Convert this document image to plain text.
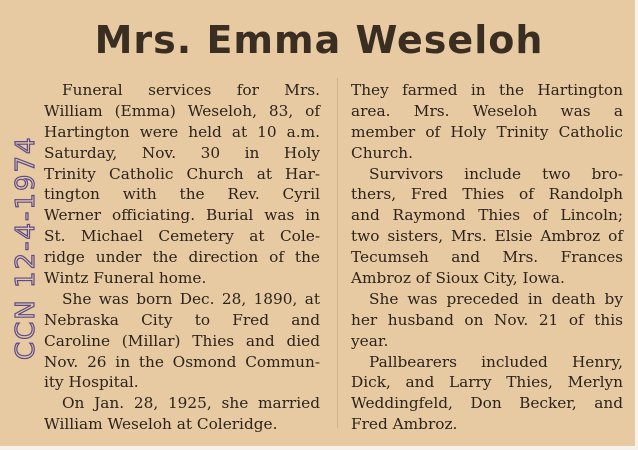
Mrs. Emma Weseloh
CCN 12-4-1974
Funeral services for Mrs.
William (Emma) Weseloh, 83, of
Hartington were held at 10 a.m.
Saturday, Nov. 30 in Holy
Trinity Catholic Church at Har-
tington with the Rev. Cyril
Werner officiating. Burial was in
St. Michael Cemetery at Cole-
ridge under the direction of the
Wintz Funeral home.
She was born Dec. 28, 1890, at
Nebraska City to Fred and
Caroline (Millar) Thies and died
Nov. 26 in the Osmond Commun-
ity Hospital.
On Jan. 28, 1925, she married
William Weseloh at Coleridge.
They farmed in the Hartington
area. Mrs. Weseloh was a
member of Holy Trinity Catholic
Church.
Survivors include two bro-
thers, Fred Thies of Randolph
and Raymond Thies of Lincoln;
two sisters, Mrs. Elsie Ambroz of
Tecumseh and Mrs. Frances
Ambroz of Sioux City, Iowa.
She was preceded in death by
her husband on Nov. 21 of this
year.
Pallbearers included Henry,
Dick, and Larry Thies, Merlyn
Weddingfeld, Don Becker, and
Fred Ambroz.
